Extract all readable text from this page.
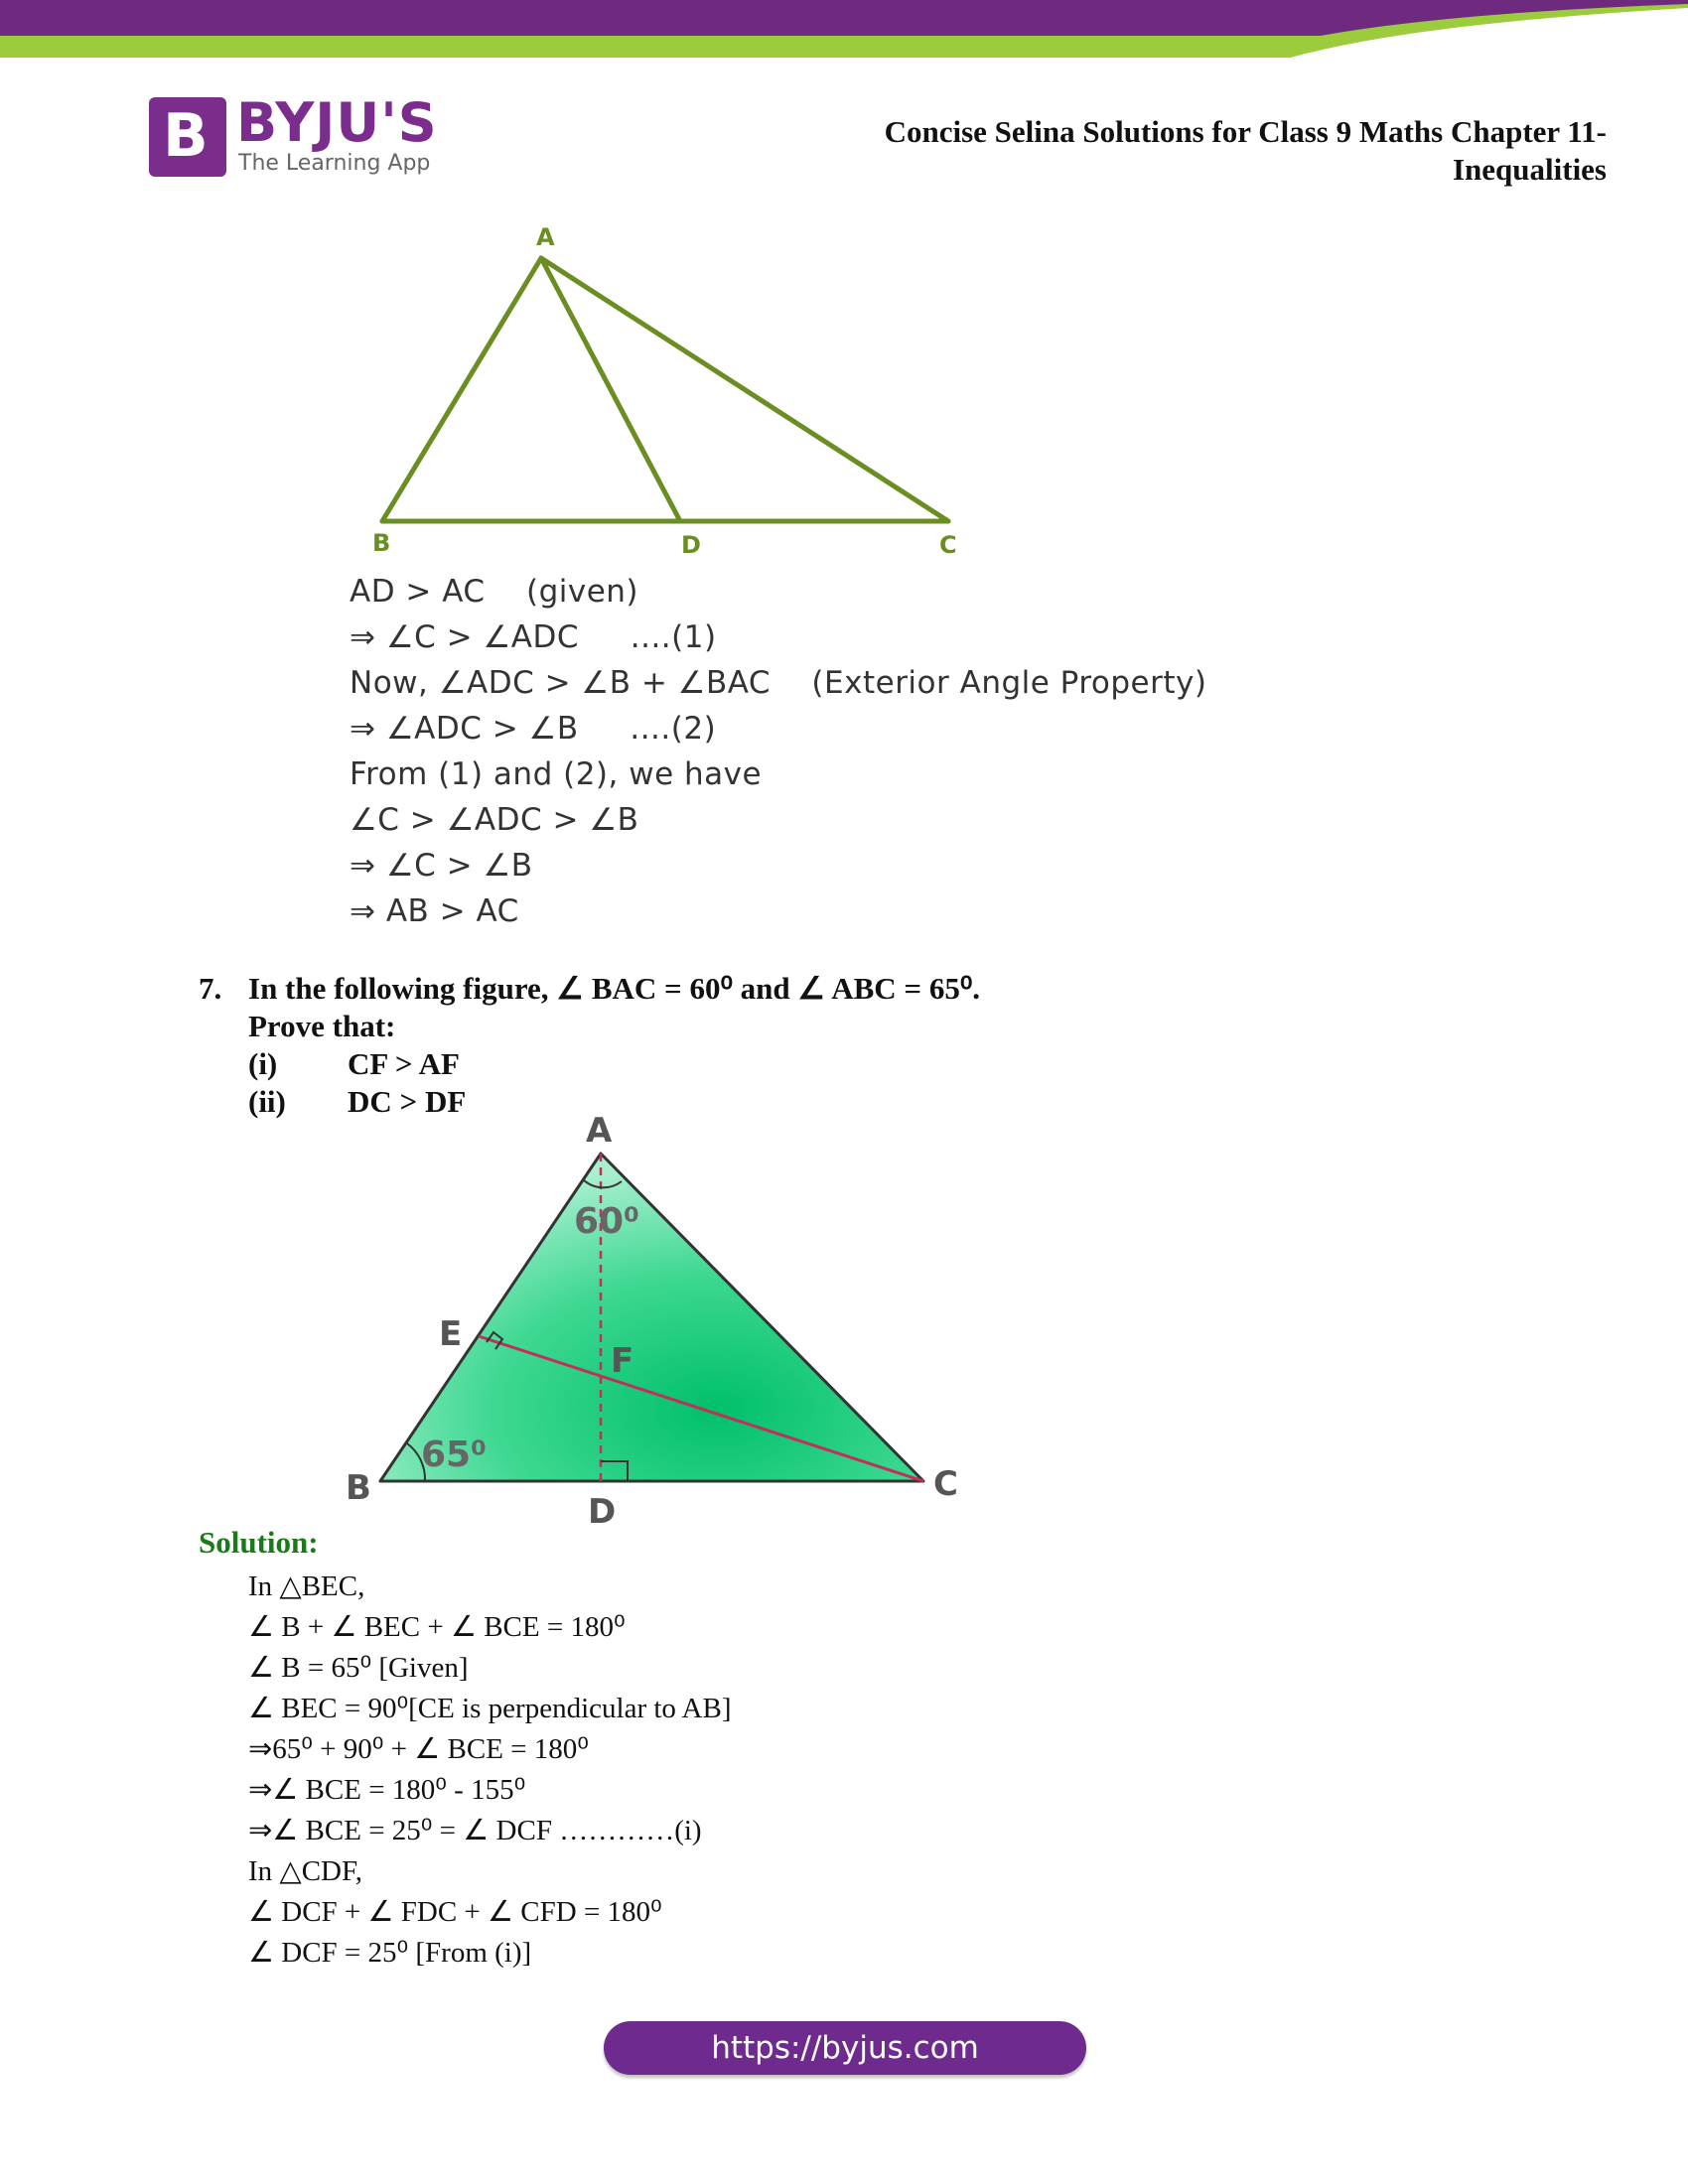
B BYJU'S
The Learning App
Concise Selina Solutions for Class 9 Maths Chapter 11-
Inequalities
A
B	D	C
AD > AC    (given)
⇒ ∠C > ∠ADC     ....(1)
Now, ∠ADC > ∠B + ∠BAC    (Exterior Angle Property)
⇒ ∠ADC > ∠B     ....(2)
From (1) and (2), we have
∠C > ∠ADC > ∠B
⇒ ∠C > ∠B
⇒ AB > AC
7. In the following figure, ∠ BAC = 60⁰ and ∠ ABC = 65⁰.
Prove that:
(i) CF > AF
(ii) DC > DF
A
B	C
D
E
F
60⁰
65⁰
Solution:
In △BEC,
∠ B + ∠ BEC + ∠ BCE = 180⁰
∠ B = 65⁰ [Given]
∠ BEC = 90⁰[CE is perpendicular to AB]
⇒65⁰ + 90⁰ + ∠ BCE = 180⁰
⇒∠ BCE = 180⁰ - 155⁰
⇒∠ BCE = 25⁰ = ∠ DCF …………(i)
In △CDF,
∠ DCF + ∠ FDC + ∠ CFD = 180⁰
∠ DCF = 25⁰ [From (i)]
https://byjus.com
